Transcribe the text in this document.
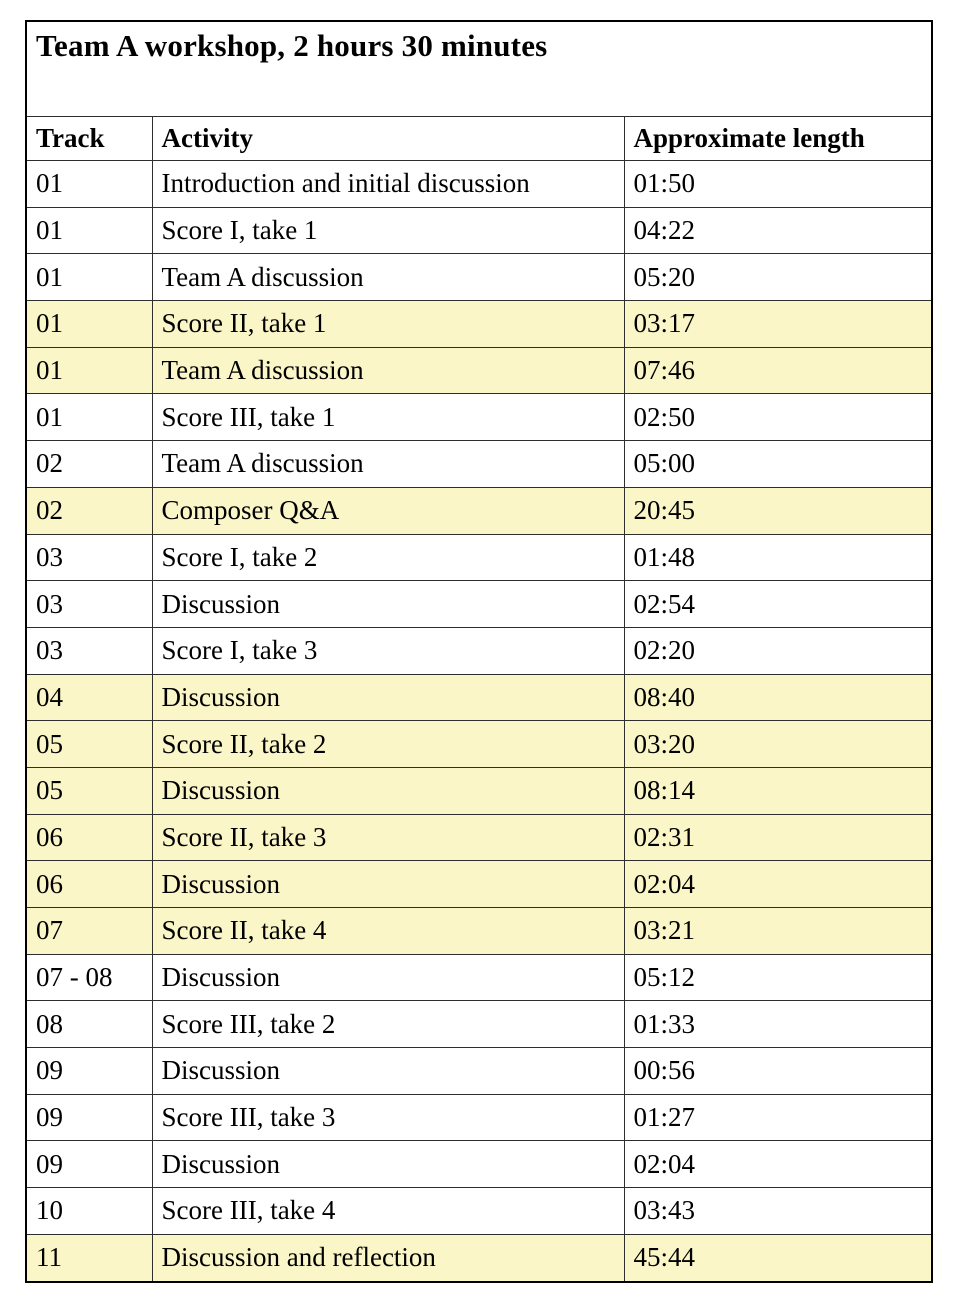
Team A workshop, 2 hours 30 minutes		
Track	Activity	Approximate length
01	Introduction and initial discussion	01:50
01	Score I, take 1	04:22
01	Team A discussion	05:20
01	Score II, take 1	03:17
01	Team A discussion	07:46
01	Score III, take 1	02:50
02	Team A discussion	05:00
02	Composer Q&A	20:45
03	Score I, take 2	01:48
03	Discussion	02:54
03	Score I, take 3	02:20
04	Discussion	08:40
05	Score II, take 2	03:20
05	Discussion	08:14
06	Score II, take 3	02:31
06	Discussion	02:04
07	Score II, take 4	03:21
07 - 08	Discussion	05:12
08	Score III, take 2	01:33
09	Discussion	00:56
09	Score III, take 3	01:27
09	Discussion	02:04
10	Score III, take 4	03:43
11	Discussion and reflection	45:44
